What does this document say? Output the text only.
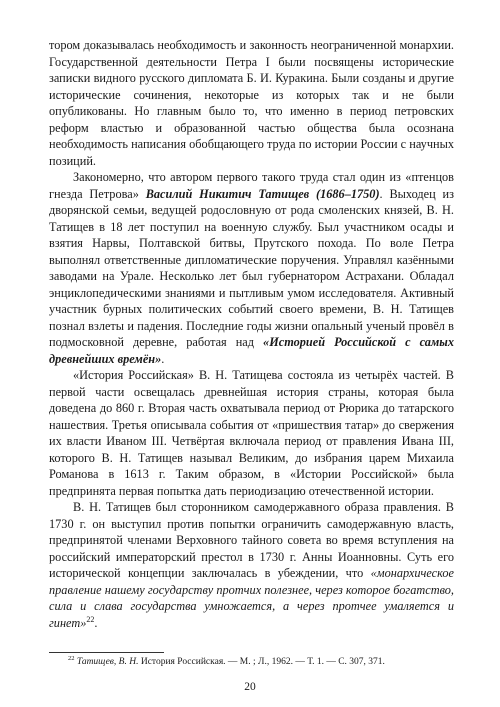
тором доказывалась необходимость и законность неограниченной монархии. Государственной деятельности Петра I были посвящены исторические записки видного русского дипломата Б. И. Куракина. Были созданы и другие исторические сочинения, некоторые из которых так и не были опубликованы. Но главным было то, что именно в период петровских реформ властью и образованной частью общества была осознана необходимость написания обобщающего труда по истории России с научных позиций.

Закономерно, что автором первого такого труда стал один из «птенцов гнезда Петрова» Василий Никитич Татищев (1686–1750). Выходец из дворянской семьи, ведущей родословную от рода смоленских князей, В. Н. Татищев в 18 лет поступил на военную службу. Был участником осады и взятия Нарвы, Полтавской битвы, Прутского похода. По воле Петра выполнял ответственные дипломатические поручения. Управлял казёнными заводами на Урале. Несколько лет был губернатором Астрахани. Обладал энциклопедическими знаниями и пытливым умом исследователя. Активный участник бурных политических событий своего времени, В. Н. Татищев познал взлеты и падения. Последние годы жизни опальный ученый провёл в подмосковной деревне, работая над «Историей Российской с самых древнейших времён».

«История Российская» В. Н. Татищева состояла из четырёх частей. В первой части освещалась древнейшая история страны, которая была доведена до 860 г. Вторая часть охватывала период от Рюрика до татарского нашествия. Третья описывала события от «пришествия татар» до свержения их власти Иваном III. Четвёртая включала период от правления Ивана III, которого В. Н. Татищев называл Великим, до избрания царем Михаила Романова в 1613 г. Таким образом, в «Истории Российской» была предпринята первая попытка дать периодизацию отечественной истории.

В. Н. Татищев был сторонником самодержавного образа правления. В 1730 г. он выступил против попытки ограничить самодержавную власть, предпринятой членами Верховного тайного совета во время вступления на российский императорский престол в 1730 г. Анны Иоанновны. Суть его исторической концепции заключалась в убеждении, что «монархическое правление нашему государству протчих полезнее, через которое богатство, сила и слава государства умножается, а через протчее умаляется и гинет»$^{22}$.

$^{22}$ Татищев, В. Н. История Российская. — М. ; Л., 1962. — Т. 1. — С. 307, 371.
20
